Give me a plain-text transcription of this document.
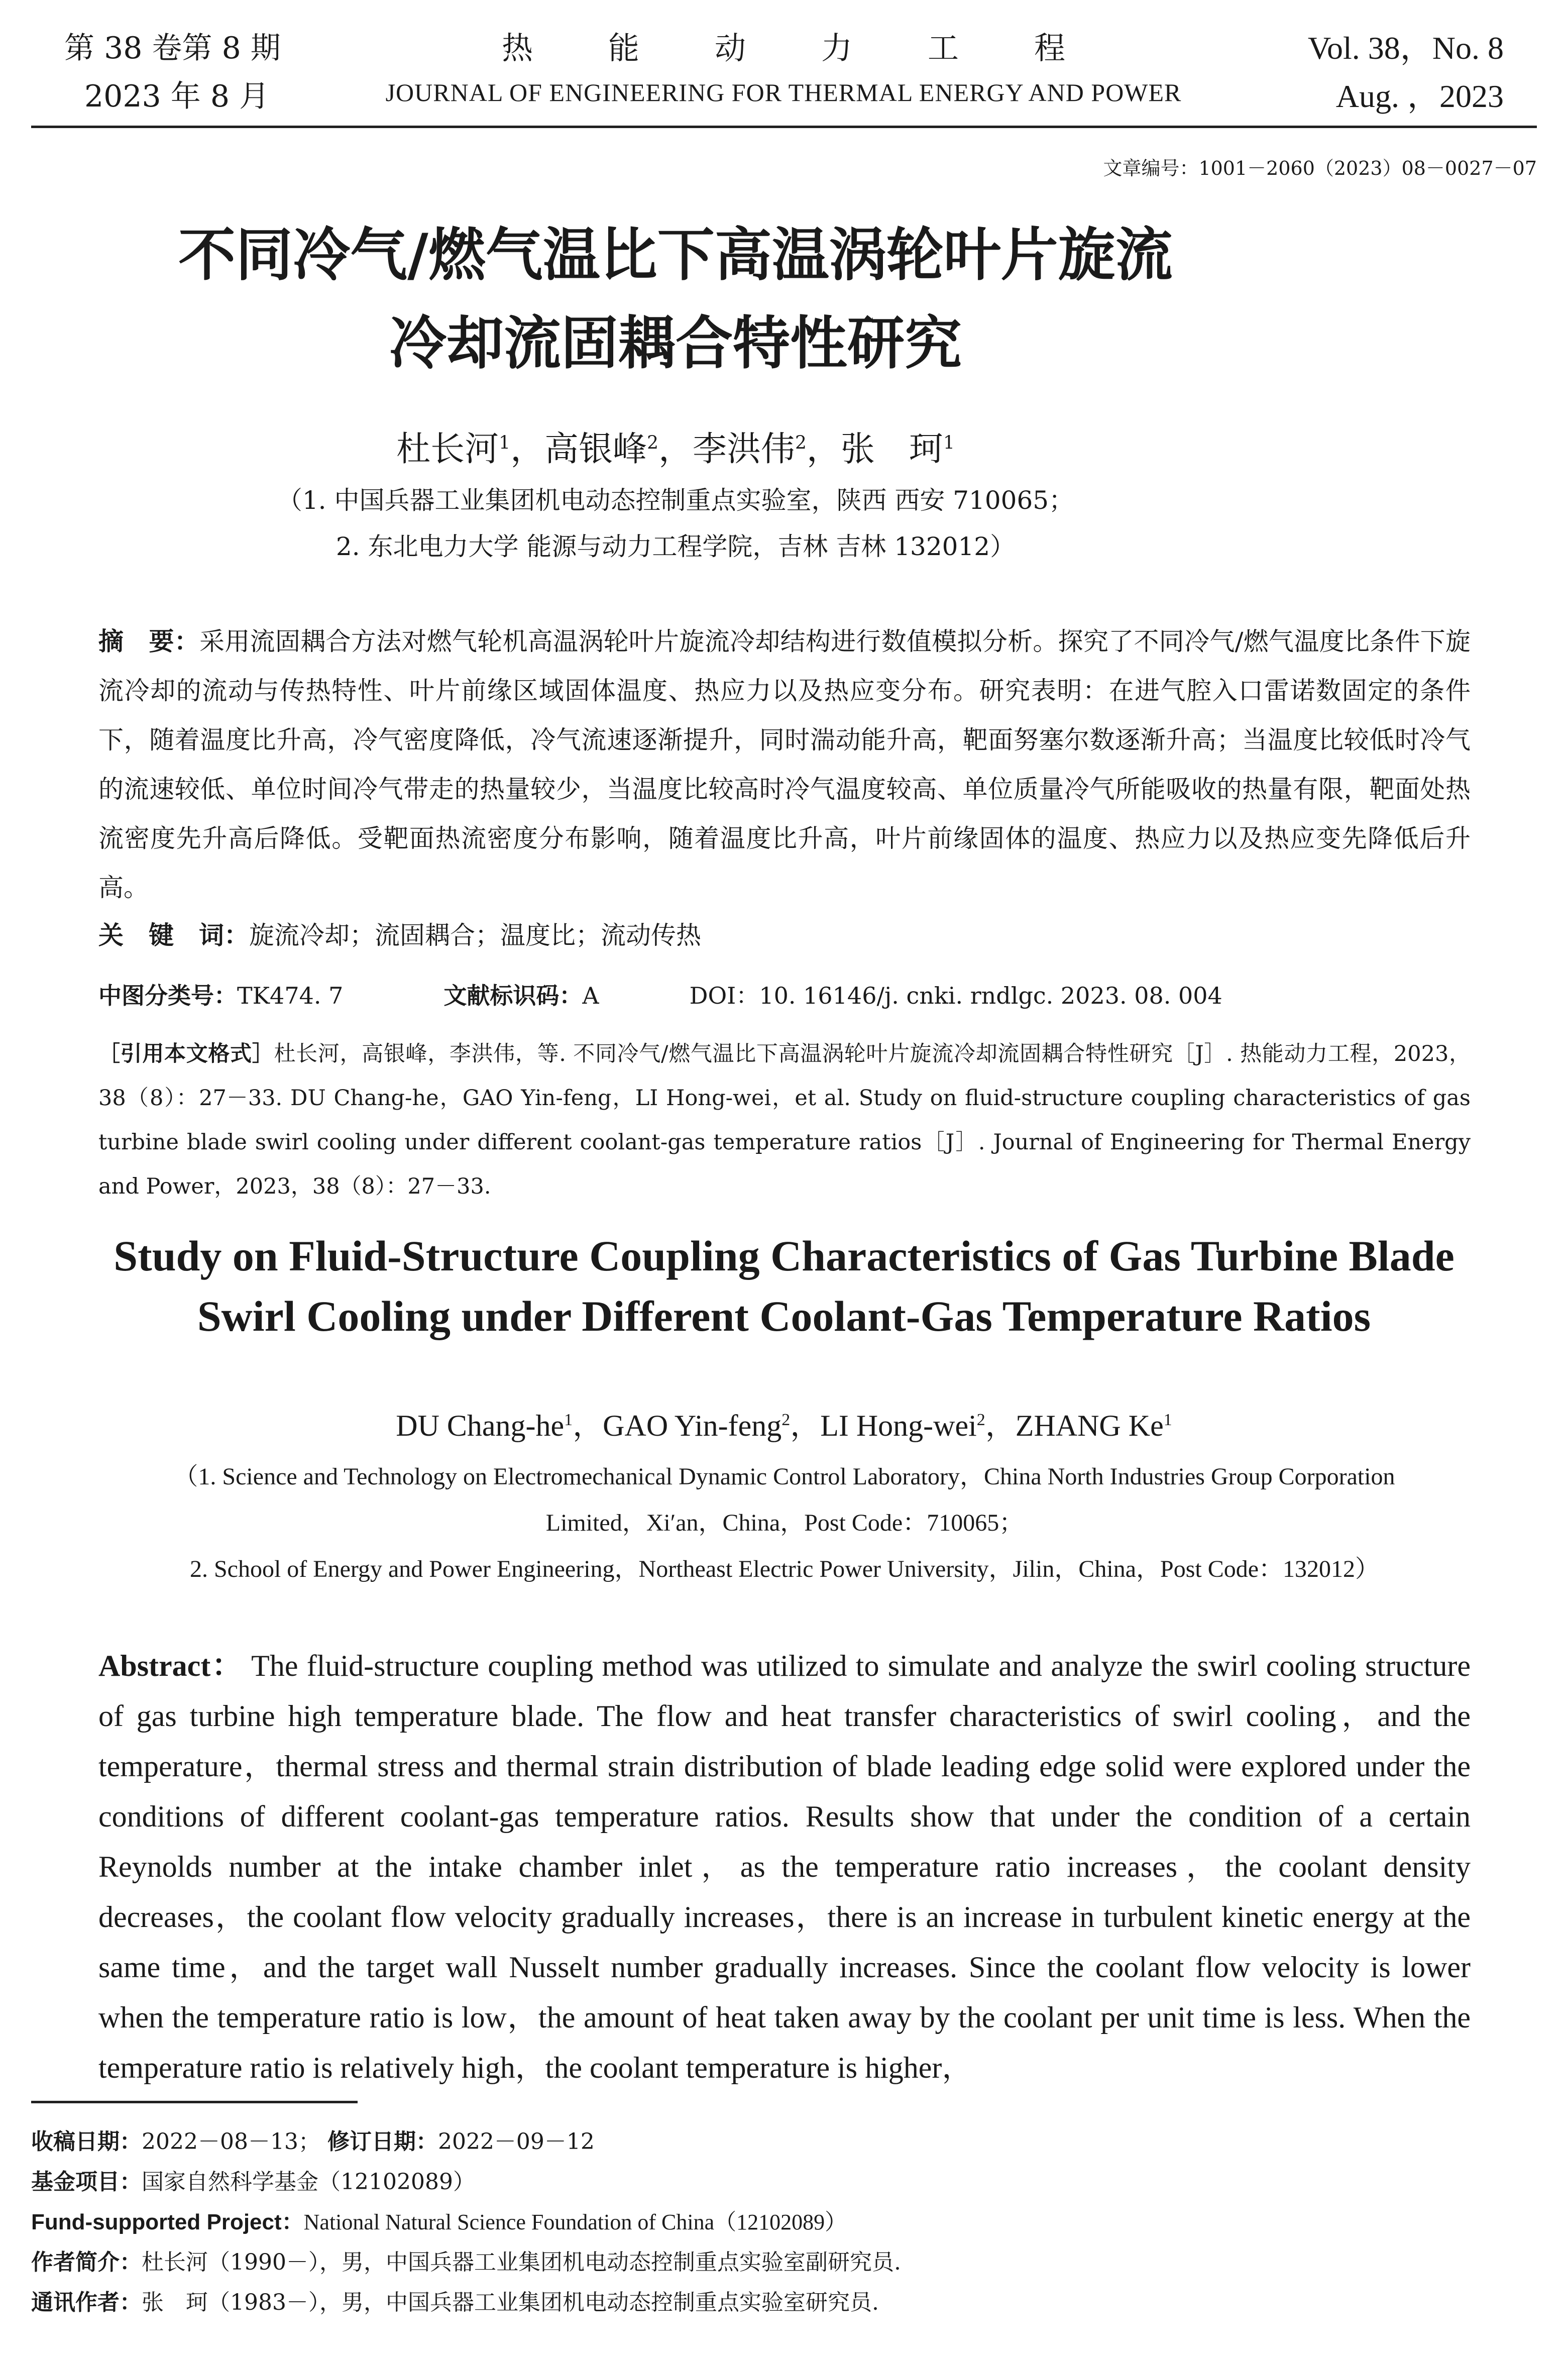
第 38 卷第 8 期
2023 年 8 月
热能动力工程
JOURNAL OF ENGINEERING FOR THERMAL ENERGY AND POWER
Vol. 38，No. 8
Aug. ，2023
文章编号：1001－2060（2023）08－0027－07
不同冷气/燃气温比下高温涡轮叶片旋流
冷却流固耦合特性研究
杜长河$^1$，高银峰$^2$，李洪伟$^2$，张　珂$^1$
（1. 中国兵器工业集团机电动态控制重点实验室，陕西 西安 710065；
2. 东北电力大学 能源与动力工程学院，吉林 吉林 132012）
摘　要：采用流固耦合方法对燃气轮机高温涡轮叶片旋流冷却结构进行数值模拟分析。探究了不同冷气/燃气温度比条件下旋流冷却的流动与传热特性、叶片前缘区域固体温度、热应力以及热应变分布。研究表明：在进气腔入口雷诺数固定的条件下，随着温度比升高，冷气密度降低，冷气流速逐渐提升，同时湍动能升高，靶面努塞尔数逐渐升高；当温度比较低时冷气的流速较低、单位时间冷气带走的热量较少，当温度比较高时冷气温度较高、单位质量冷气所能吸收的热量有限，靶面处热流密度先升高后降低。受靶面热流密度分布影响，随着温度比升高，叶片前缘固体的温度、热应力以及热应变先降低后升高。
关　键　词：旋流冷却；流固耦合；温度比；流动传热
中图分类号：TK474. 7	文献标识码：A	DOI：10. 16146/j. cnki. rndlgc. 2023. 08. 004
［引用本文格式］杜长河，高银峰，李洪伟，等. 不同冷气/燃气温比下高温涡轮叶片旋流冷却流固耦合特性研究［J］. 热能动力工程，2023，38（8）：27－33. DU Chang-he，GAO Yin-feng，LI Hong-wei，et al. Study on fluid-structure coupling characteristics of gas turbine blade swirl cooling under different coolant-gas temperature ratios［J］. Journal of Engineering for Thermal Energy and Power，2023，38（8）：27－33.
Study on Fluid-Structure Coupling Characteristics of Gas Turbine Blade
Swirl Cooling under Different Coolant-Gas Temperature Ratios
DU Chang-$he^1$，GAO Yin-feng$^2$，LI Hong-wei$^2$，ZHANG Ke$^1$
（1. Science and Technology on Electromechanical Dynamic Control Laboratory，China North Industries Group Corporation
Limited，Xi′an，China，Post Code：710065；
2. School of Energy and Power Engineering，Northeast Electric Power University，Jilin，China，Post Code：132012）
Abstract： The fluid-structure coupling method was utilized to simulate and analyze the swirl cooling structure of gas turbine high temperature blade. The flow and heat transfer characteristics of swirl cooling，and the temperature，thermal stress and thermal strain distribution of blade leading edge solid were explored under the conditions of different coolant-gas temperature ratios. Results show that under the condition of a certain Reynolds number at the intake chamber inlet，as the temperature ratio increases，the coolant density decreases，the coolant flow velocity gradually increases，there is an increase in turbulent kinetic energy at the same time，and the target wall Nusselt number gradually increases. Since the coolant flow velocity is lower when the temperature ratio is low，the amount of heat taken away by the coolant per unit time is less. When the temperature ratio is relatively high，the coolant temperature is higher，
收稿日期：2022－08－13； 修订日期：2022－09－12
基金项目：国家自然科学基金（12102089）
Fund-supported Project：National Natural Science Foundation of China（12102089）
作者简介：杜长河（1990－），男，中国兵器工业集团机电动态控制重点实验室副研究员.
通讯作者：张　珂（1983－），男，中国兵器工业集团机电动态控制重点实验室研究员.
